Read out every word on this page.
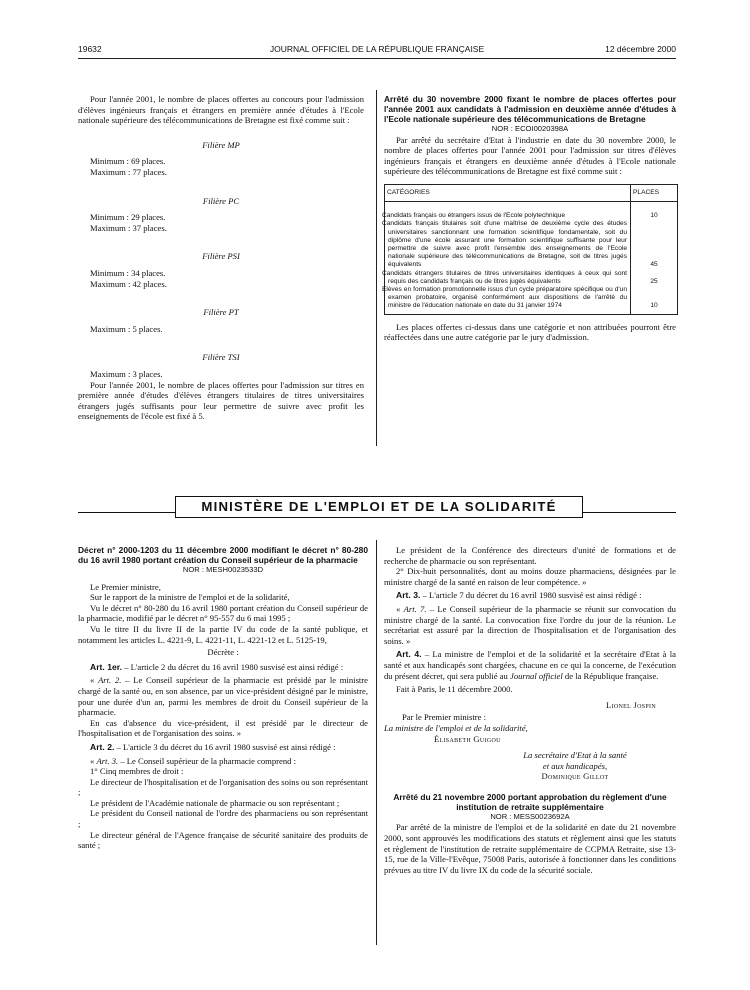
19632	JOURNAL OFFICIEL DE LA RÉPUBLIQUE FRANÇAISE	12 décembre 2000

Pour l'année 2001, le nombre de places offertes au concours pour l'admission d'élèves ingénieurs français et étrangers en première année d'études à l'Ecole nationale supérieure des télécommunications de Bretagne est fixé comme suit :

Filière MP

Minimum : 69 places.

Maximum : 77 places.

Filière PC

Minimum : 29 places.

Maximum : 37 places.

Filière PSI

Minimum : 34 places.

Maximum : 42 places.

Filière PT

Maximum : 5 places.

Filière TSI

Maximum : 3 places.

Pour l'année 2001, le nombre de places offertes pour l'admission sur titres en première année d'études d'élèves étrangers titulaires de titres universitaires étrangers jugés suffisants pour leur permettre de suivre avec profit les enseignements de l'école est fixé à 5.

Arrêté du 30 novembre 2000 fixant le nombre de places offertes pour l'année 2001 aux candidats à l'admission en deuxième année d'études à l'Ecole nationale supérieure des télécommunications de Bretagne

NOR : ECOI0020398A

Par arrêté du secrétaire d'Etat à l'industrie en date du 30 novembre 2000, le nombre de places offertes pour l'année 2001 pour l'admission sur titres d'élèves ingénieurs français et étrangers en deuxième année d'études à l'Ecole nationale supérieure des télécommunications de Bretagne est fixé comme suit :

CATÉGORIES	PLACES
Candidats français ou étrangers issus de l'Ecole polytechnique	10
Candidats français titulaires soit d'une maîtrise de deuxième cycle des études universitaires sanctionnant une formation scientifique fondamentale, soit du diplôme d'une école assurant une formation scientifique suffisante pour leur permettre de suivre avec profit l'ensemble des enseignements de l'Ecole nationale supérieure des télécommunications de Bretagne, soit de titres jugés équivalents	45
Candidats étrangers titulaires de titres universitaires identiques à ceux qui sont requis des candidats français ou de titres jugés équivalents	25
Elèves en formation promotionnelle issus d'un cycle préparatoire spécifique ou d'un examen probatoire, organisé conformément aux dispositions de l'arrêté du ministre de l'éducation nationale en date du 31 janvier 1974	10

Les places offertes ci-dessus dans une catégorie et non attribuées pourront être réaffectées dans une autre catégorie par le jury d'admission.

MINISTÈRE DE L'EMPLOI ET DE LA SOLIDARITÉ

Décret n° 2000-1203 du 11 décembre 2000 modifiant le décret n° 80-280 du 16 avril 1980 portant création du Conseil supérieur de la pharmacie

NOR : MESH0023533D

Le Premier ministre,

Sur le rapport de la ministre de l'emploi et de la solidarité,

Vu le décret n° 80-280 du 16 avril 1980 portant création du Conseil supérieur de la pharmacie, modifié par le décret n° 95-557 du 6 mai 1995 ;

Vu le titre II du livre II de la partie IV du code de la santé publique, et notamment les articles L. 4221-9, L. 4221-11, L. 4221-12 et L. 5125-19,

Décrète :

Art. 1er. – L'article 2 du décret du 16 avril 1980 susvisé est ainsi rédigé :

« Art. 2. – Le Conseil supérieur de la pharmacie est présidé par le ministre chargé de la santé ou, en son absence, par un vice-président désigné par le ministre, pour une durée d'un an, parmi les membres de droit du Conseil supérieur de la pharmacie.

En cas d'absence du vice-président, il est présidé par le directeur de l'hospitalisation et de l'organisation des soins. »

Art. 2. – L'article 3 du décret du 16 avril 1980 susvisé est ainsi rédigé :

« Art. 3. – Le Conseil supérieur de la pharmacie comprend :

1° Cinq membres de droit :

Le directeur de l'hospitalisation et de l'organisation des soins ou son représentant ;

Le président de l'Académie nationale de pharmacie ou son représentant ;

Le président du Conseil national de l'ordre des pharmaciens ou son représentant ;

Le directeur général de l'Agence française de sécurité sanitaire des produits de santé ;

Le président de la Conférence des directeurs d'unité de formations et de recherche de pharmacie ou son représentant.

2° Dix-huit personnalités, dont au moins douze pharmaciens, désignées par le ministre chargé de la santé en raison de leur compétence. »

Art. 3. – L'article 7 du décret du 16 avril 1980 susvisé est ainsi rédigé :

« Art. 7. – Le Conseil supérieur de la pharmacie se réunit sur convocation du ministre chargé de la santé. La convocation fixe l'ordre du jour de la réunion. Le secrétariat est assuré par la direction de l'hospitalisation et de l'organisation des soins. »

Art. 4. – La ministre de l'emploi et de la solidarité et la secrétaire d'Etat à la santé et aux handicapés sont chargées, chacune en ce qui la concerne, de l'exécution du présent décret, qui sera publié au Journal officiel de la République française.

Fait à Paris, le 11 décembre 2000.

Lionel Jospin

Par le Premier ministre :

La ministre de l'emploi et de la solidarité,

Élisabeth Guigou

La secrétaire d'Etat à la santé

et aux handicapés,

Dominique Gillot

Arrêté du 21 novembre 2000 portant approbation du règlement d'une institution de retraite supplémentaire

NOR : MESS0023692A

Par arrêté de la ministre de l'emploi et de la solidarité en date du 21 novembre 2000, sont approuvés les modifications des statuts et règlement ainsi que les statuts et règlement de l'institution de retraite supplémentaire de CCPMA Retraite, sise 13-15, rue de la Ville-l'Evêque, 75008 Paris, autorisée à fonctionner dans les conditions prévues au titre IV du livre IX du code de la sécurité sociale.
